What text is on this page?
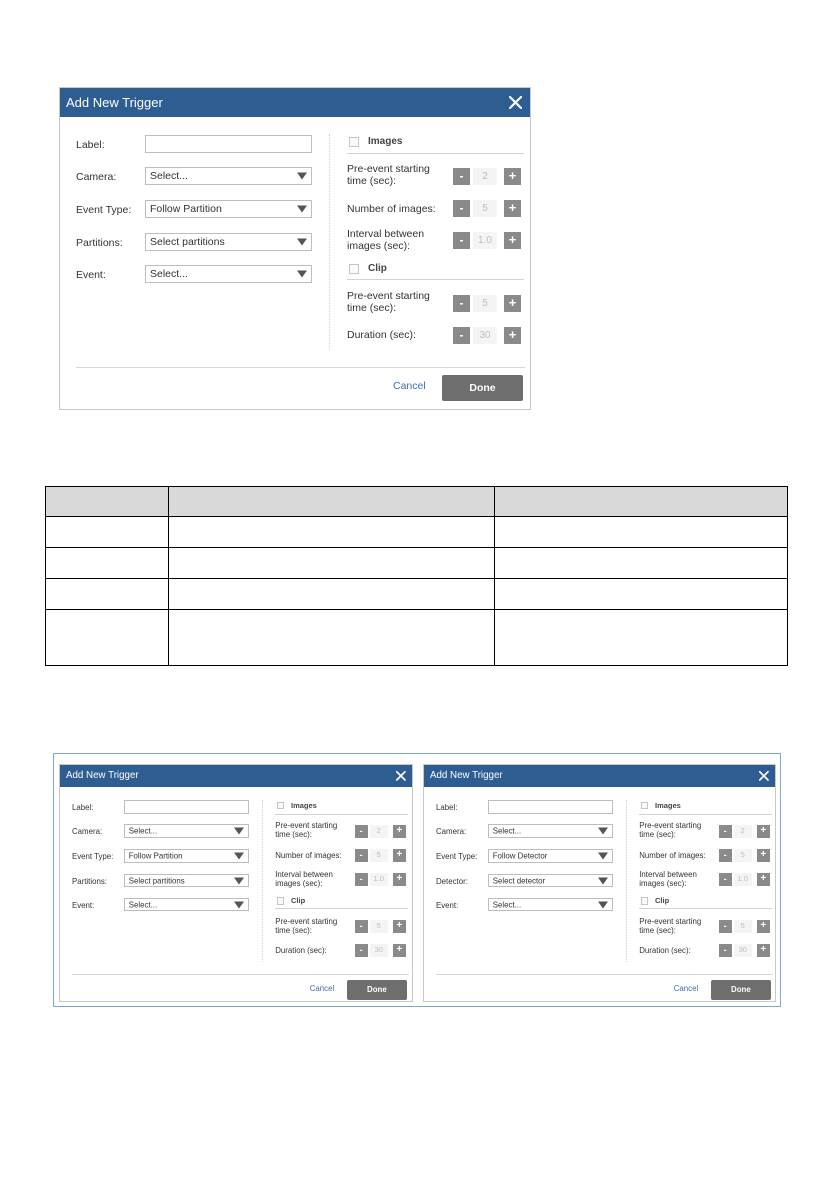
Add New Trigger
Label:
Camera:	Select...
Event Type: Follow Partition
Partitions:	Select partitions
Event:	Select...
Images
Pre-event starting
time (sec):	-	2	+
Number of images:	-	5	+
Interval between
images (sec):	-	1.0	+
Clip
Pre-event starting
time (sec):	-	5	+
Duration (sec):	-	30	+
Cancel	Done
Add New Trigger
Label:
Camera:	Select...
Event Type: Follow Partition
Partitions:	Select partitions
Event:	Select...
Images
Pre-event starting
time (sec):	-	2	+
Number of images:	-	5	+
Interval between
images (sec):	-	1.0	+
Clip
Pre-event starting
time (sec):	-	5	+
Duration (sec):	-	30	+
Cancel	Done
Add New Trigger
Label:
Camera:	Select...
Event Type: Follow Detector
Detector:	Select detector
Event:	Select...
Images
Pre-event starting
time (sec):	-	2	+
Number of images:	-	5	+
Interval between
images (sec):	-	1.0	+
Clip
Pre-event starting
time (sec):	-	5	+
Duration (sec):	-	30	+
Cancel	Done
